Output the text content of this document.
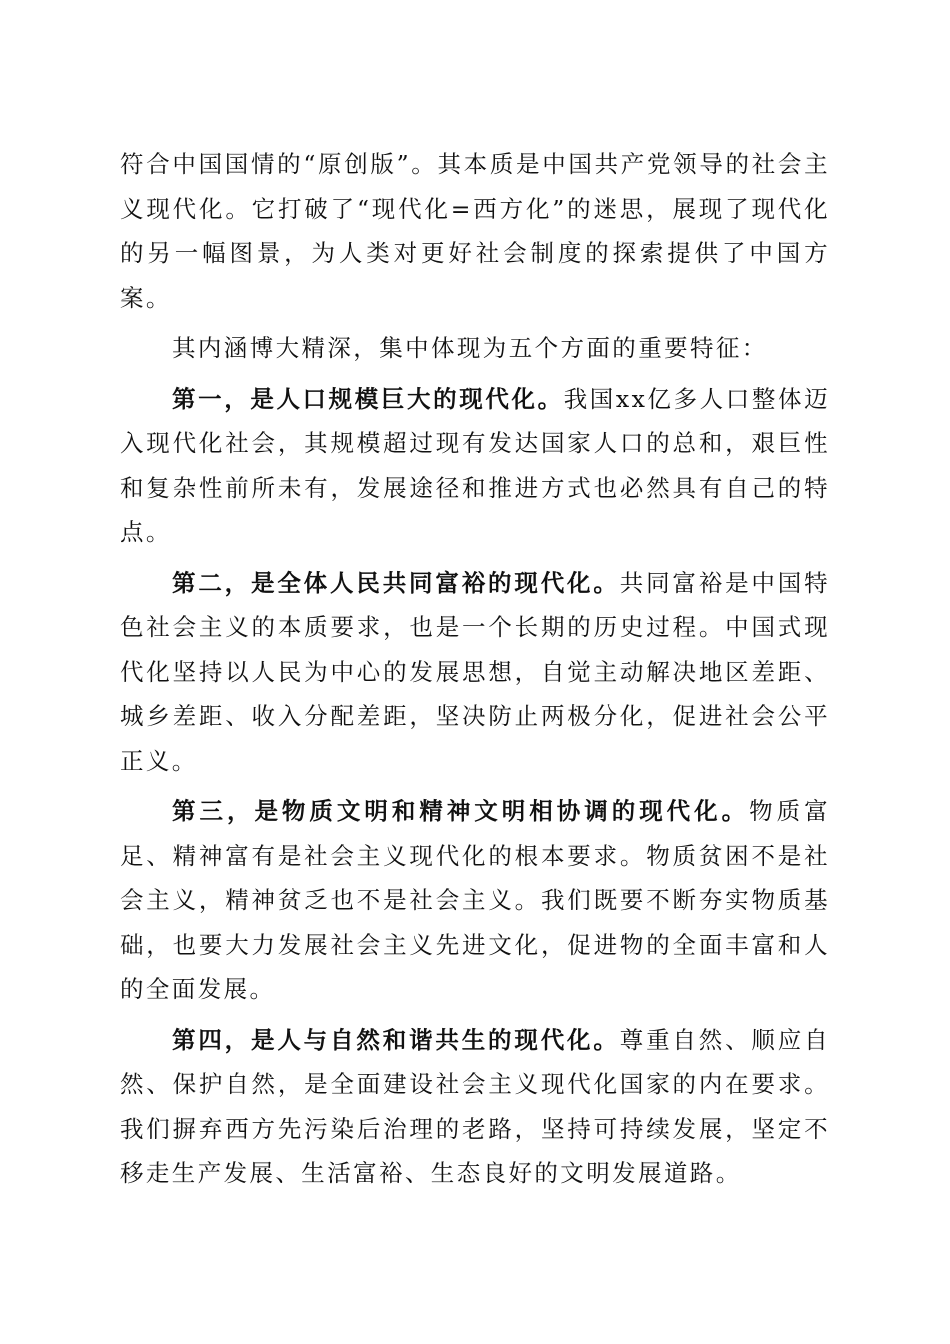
符合中国国情的“原创版”。其本质是中国共产党领导的社会主义现代化。它打破了“现代化=西方化”的迷思，展现了现代化的另一幅图景，为人类对更好社会制度的探索提供了中国方案。

其内涵博大精深，集中体现为五个方面的重要特征：

第一，是人口规模巨大的现代化。我国xx亿多人口整体迈入现代化社会，其规模超过现有发达国家人口的总和，艰巨性和复杂性前所未有，发展途径和推进方式也必然具有自己的特点。

第二，是全体人民共同富裕的现代化。共同富裕是中国特色社会主义的本质要求，也是一个长期的历史过程。中国式现代化坚持以人民为中心的发展思想，自觉主动解决地区差距、城乡差距、收入分配差距，坚决防止两极分化，促进社会公平正义。

第三，是物质文明和精神文明相协调的现代化。物质富足、精神富有是社会主义现代化的根本要求。物质贫困不是社会主义，精神贫乏也不是社会主义。我们既要不断夯实物质基础，也要大力发展社会主义先进文化，促进物的全面丰富和人的全面发展。

第四，是人与自然和谐共生的现代化。尊重自然、顺应自然、保护自然，是全面建设社会主义现代化国家的内在要求。我们摒弃西方先污染后治理的老路，坚持可持续发展，坚定不移走生产发展、生活富裕、生态良好的文明发展道路。
